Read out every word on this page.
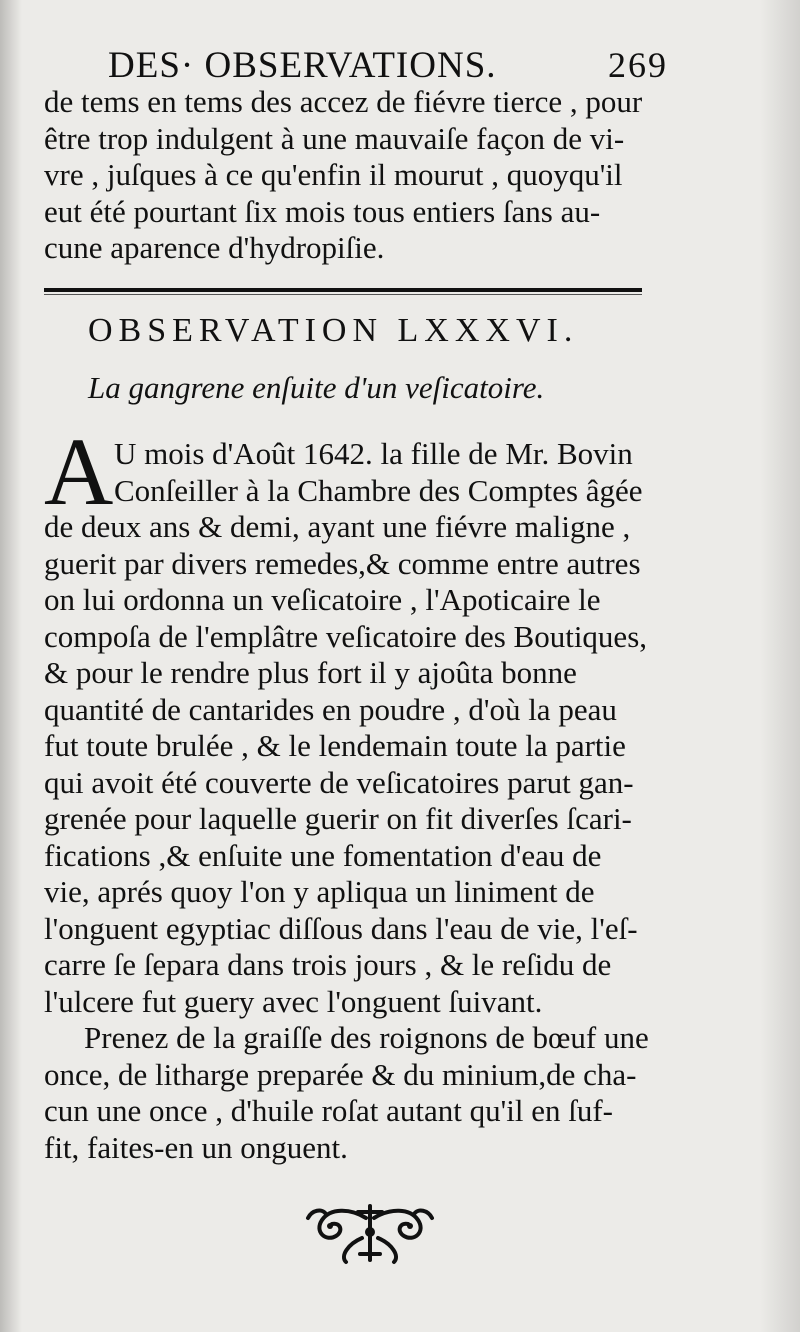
DES· OBSERVATIONS.	269
de tems en tems des accez de fiévre tierce , pour
être trop indulgent à une mauvaiſe façon de vi-
vre , juſques à ce qu'enfin il mourut , quoyqu'il
eut été pourtant ſix mois tous entiers ſans au-
cune aparence d'hydropiſie.
OBSERVATION LXXXVI.
La gangrene enſuite d'un veſicatoire.
A U mois d'Août 1642. la fille de Mr. Bovin
Conſeiller à la Chambre des Comptes âgée
de deux ans & demi, ayant une fiévre maligne ,
guerit par divers remedes,& comme entre autres
on lui ordonna un veſicatoire , l'Apoticaire le
compoſa de l'emplâtre veſicatoire des Boutiques,
& pour le rendre plus fort il y ajoûta bonne
quantité de cantarides en poudre , d'où la peau
fut toute brulée , & le lendemain toute la partie
qui avoit été couverte de veſicatoires parut gan-
grenée pour laquelle guerir on fit diverſes ſcari-
fications ,& enſuite une fomentation d'eau de
vie, aprés quoy l'on y apliqua un liniment de
l'onguent egyptiac diſſous dans l'eau de vie, l'eſ-
carre ſe ſepara dans trois jours , & le reſidu de
l'ulcere fut guery avec l'onguent ſuivant.
Prenez de la graiſſe des roignons de bœuf une
once, de litharge preparée & du minium,de cha-
cun une once , d'huile roſat autant qu'il en ſuf-
fit, faites-en un onguent.
